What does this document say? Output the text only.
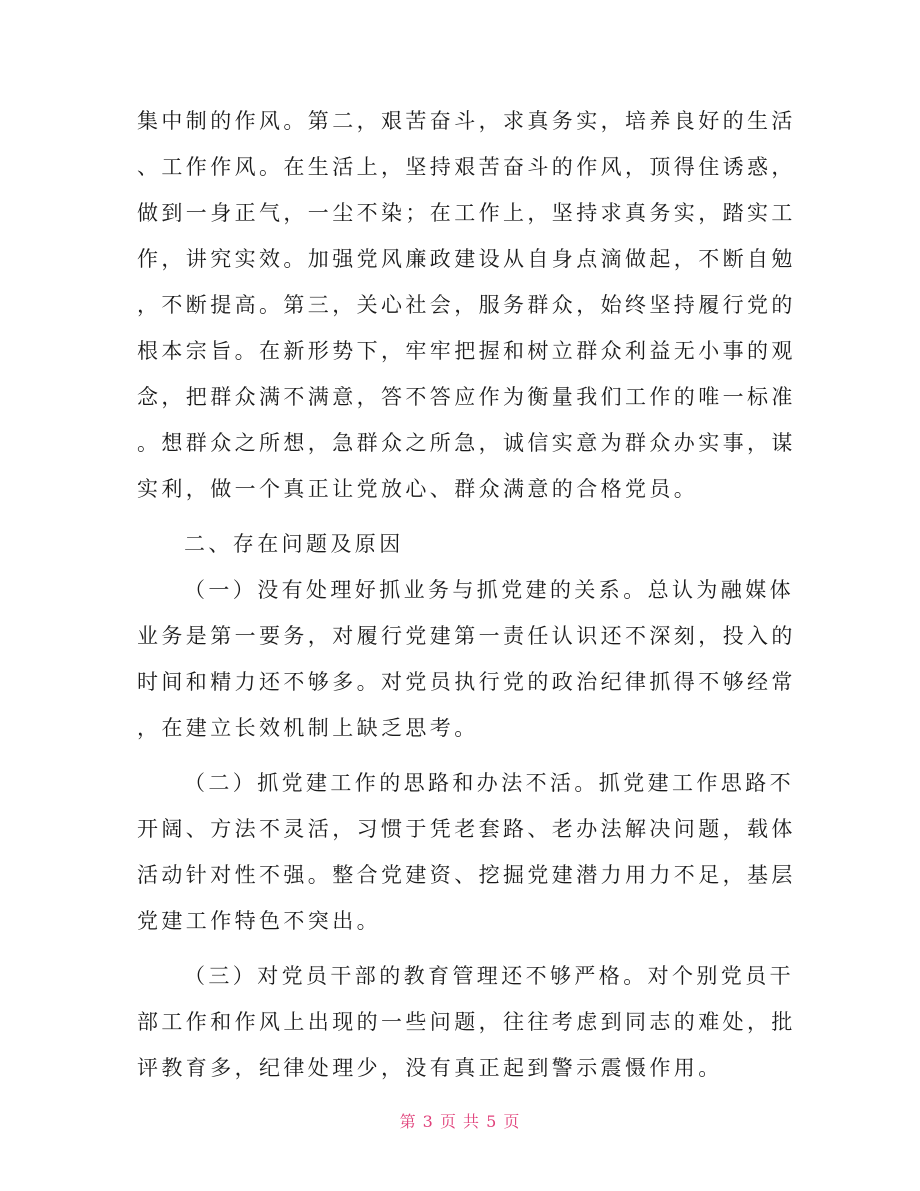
集中制的作风。第二，艰苦奋斗，求真务实，培养良好的生活
、工作作风。在生活上，坚持艰苦奋斗的作风，顶得住诱惑，
做到一身正气，一尘不染；在工作上，坚持求真务实，踏实工
作，讲究实效。加强党风廉政建设从自身点滴做起，不断自勉
，不断提高。第三，关心社会，服务群众，始终坚持履行党的
根本宗旨。在新形势下，牢牢把握和树立群众利益无小事的观
念，把群众满不满意，答不答应作为衡量我们工作的唯一标准
。想群众之所想，急群众之所急，诚信实意为群众办实事，谋
实利，做一个真正让党放心、群众满意的合格党员。
二、存在问题及原因
（一）没有处理好抓业务与抓党建的关系。总认为融媒体
业务是第一要务，对履行党建第一责任认识还不深刻，投入的
时间和精力还不够多。对党员执行党的政治纪律抓得不够经常
，在建立长效机制上缺乏思考。
（二）抓党建工作的思路和办法不活。抓党建工作思路不
开阔、方法不灵活，习惯于凭老套路、老办法解决问题，载体
活动针对性不强。整合党建资、挖掘党建潜力用力不足，基层
党建工作特色不突出。
（三）对党员干部的教育管理还不够严格。对个别党员干
部工作和作风上出现的一些问题，往往考虑到同志的难处，批
评教育多，纪律处理少，没有真正起到警示震慑作用。
第 3 页 共 5 页
